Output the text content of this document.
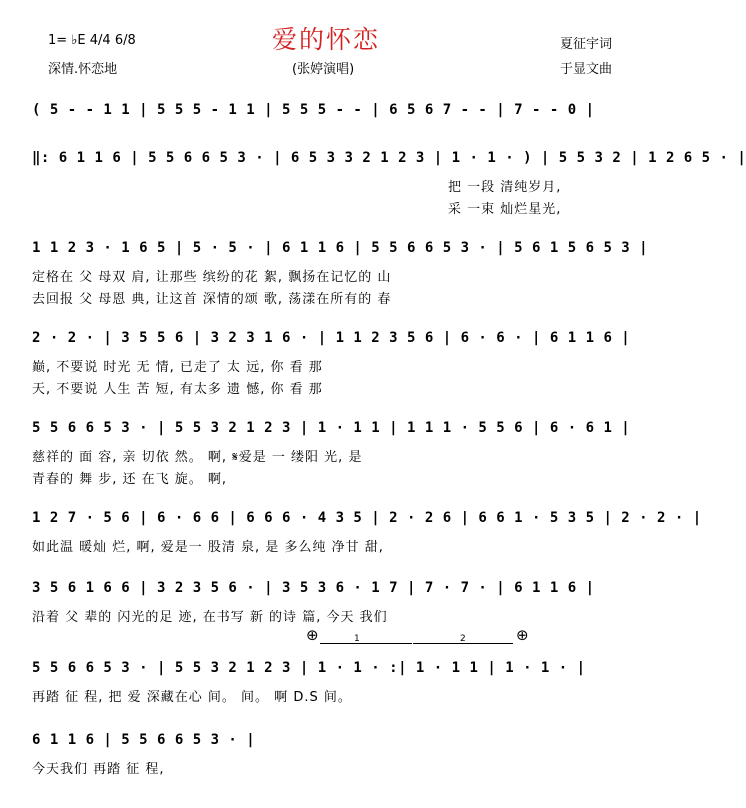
1= ♭E 4/4 6/8
深情.怀恋地
爱的怀恋
(张婷演唱)
夏征宇词
于显文曲
( 5 - - 1 1 | 5 5 5 - 1 1 | 5 5 5 - - | 6 5 6 7 - - | 7 - - 0 |
‖: 6 1 1 6 | 5 5 6 6 5 3 · | 6 5 3 3 2 1 2 3 | 1 · 1 · ) | 5 5 3 2 | 1 2 6 5 · |
把 一段 清纯岁月,
采 一束 灿烂星光,
1 1 2 3 · 1 6 5 | 5 · 5 · | 6 1 1 6 | 5 5 6 6 5 3 · | 5 6 1 5 6 5 3 |
定格在 父 母双 肩, 让那些 缤纷的花 絮, 飘扬在记忆的 山
去回报 父 母恩 典, 让这首 深情的颂 歌, 荡漾在所有的 春
2 · 2 · | 3 5 5 6 | 3 2 3 1 6 · | 1 1 2 3 5 6 | 6 · 6 · | 6 1 1 6 |
巅, 不要说 时光 无 情, 已走了 太 远, 你 看 那
天, 不要说 人生 苦 短, 有太多 遗 憾, 你 看 那
5 5 6 6 5 3 · | 5 5 3 2 1 2 3 | 1 · 1 1 | 1 1 1 · 5 5 6 | 6 · 6 1 |
慈祥的 面 容, 亲 切依 然。 啊, 𝄋爱是 一 缕阳 光, 是
青春的 舞 步, 还 在飞 旋。 啊,
1 2 7 · 5 6 | 6 · 6 6 | 6 6 6 · 4 3 5 | 2 · 2 6 | 6 6 1 · 5 3 5 | 2 · 2 · |
如此温 暖灿 烂, 啊, 爱是一 股清 泉, 是 多么纯 净甘 甜,
3 5 6 1 6 6 | 3 2 3 5 6 · | 3 5 3 6 · 1 7 | 7 · 7 · | 6 1 1 6 |
沿着 父 辈的 闪光的足 迹, 在书写 新 的诗 篇, 今天 我们
⊕	⊕
1	2
5 5 6 6 5 3 · | 5 5 3 2 1 2 3 | 1 · 1 · :| 1 · 1 1 | 1 · 1 · |
再踏 征 程, 把 爱 深藏在心 间。 间。 啊 D.S 间。
6 1 1 6 | 5 5 6 6 5 3 · |
今天我们 再踏 征 程,
